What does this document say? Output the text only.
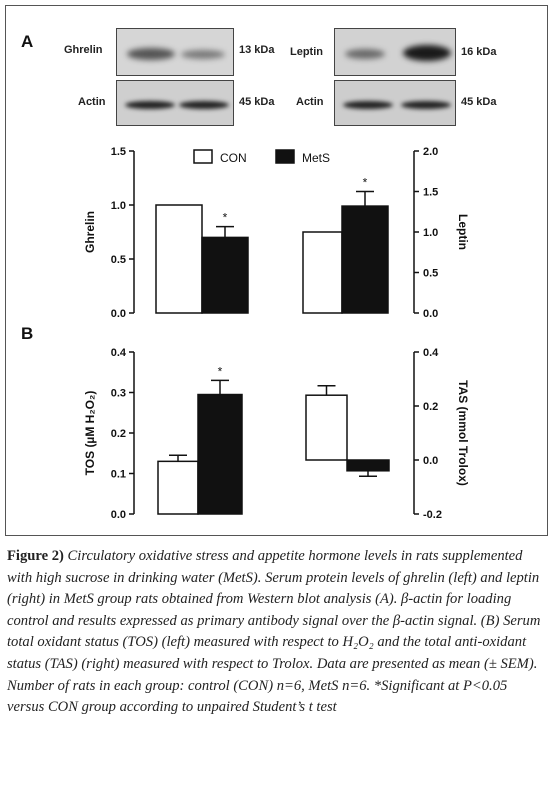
A
B
Ghrelin	13 kDa
Actin	45 kDa
Leptin	16 kDa
Actin	45 kDa
CON	MetS
0.0
0.5
1.0
1.5
0.0
0.5
1.0
1.5
2.0
Ghrelin	Leptin
*
*
0.0
0.1
0.2
0.3
0.4
-0.2
0.0
0.2
0.4
TOS (µM H₂O₂)	TAS (mmol Trolox)
*
Figure 2) Circulatory oxidative stress and appetite hormone levels in rats supplemented with high sucrose in drinking water (MetS). Serum protein levels of ghrelin (left) and leptin (right) in MetS group rats obtained from Western blot analysis (A). β-actin for loading control and results expressed as primary antibody signal over the β-actin signal. (B) Serum total oxidant status (TOS) (left) measured with respect to H₂O₂ and the total anti-oxidant status (TAS) (right) measured with respect to Trolox. Data are presented as mean (± SEM). Number of rats in each group: control (CON) n=6, MetS n=6. *Significant at P<0.05 versus CON group according to unpaired Student’s t test
